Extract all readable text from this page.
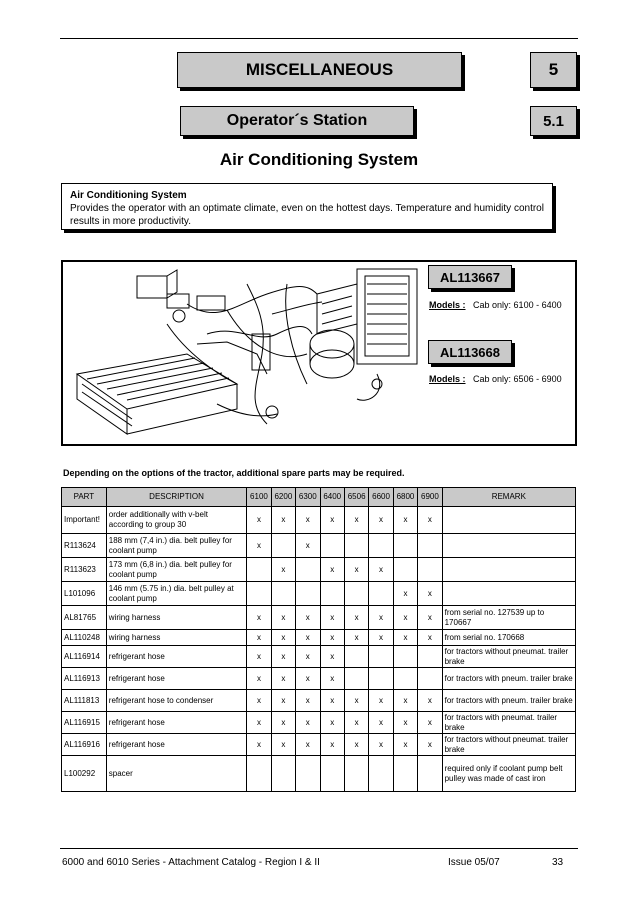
MISCELLANEOUS	5
Operator´s Station	5.1
Air Conditioning System
Air Conditioning System
Provides the operator with an optimate climate, even on the hottest days. Temperature and humidity control results in more productivity.
AL113667
Models : Cab only: 6100 - 6400
AL113668
Models : Cab only: 6506 - 6900
Depending on the options of the tractor, additional spare parts may be required.
PART	DESCRIPTION	6100	6200	6300	6400	6506	6600	6800	6900	REMARK
Important!	order additionally with v-belt according to group 30	x	x	x	x	x	x	x	x	
R113624	188 mm (7,4 in.) dia. belt pulley for coolant pump	x		x						
R113623	173 mm (6,8 in.) dia. belt pulley for coolant pump		x		x	x	x			
L101096	146 mm (5.75 in.) dia. belt pulley at coolant pump							x	x	
AL81765	wiring harness	x	x	x	x	x	x	x	x	from serial no. 127539 up to 170667
AL110248	wiring harness	x	x	x	x	x	x	x	x	from serial no. 170668
AL116914	refrigerant hose	x	x	x	x					for tractors without pneumat. trailer brake
AL116913	refrigerant hose	x	x	x	x					for tractors with pneum. trailer brake
AL111813	refrigerant hose to condenser	x	x	x	x	x	x	x	x	for tractors with pneum. trailer brake
AL116915	refrigerant hose	x	x	x	x	x	x	x	x	for tractors with pneumat. trailer brake
AL116916	refrigerant hose	x	x	x	x	x	x	x	x	for tractors without pneumat. trailer brake
L100292	spacer									required only if coolant pump belt pulley was made of cast iron
6000 and 6010 Series - Attachment Catalog - Region I & II	Issue 05/07	33
